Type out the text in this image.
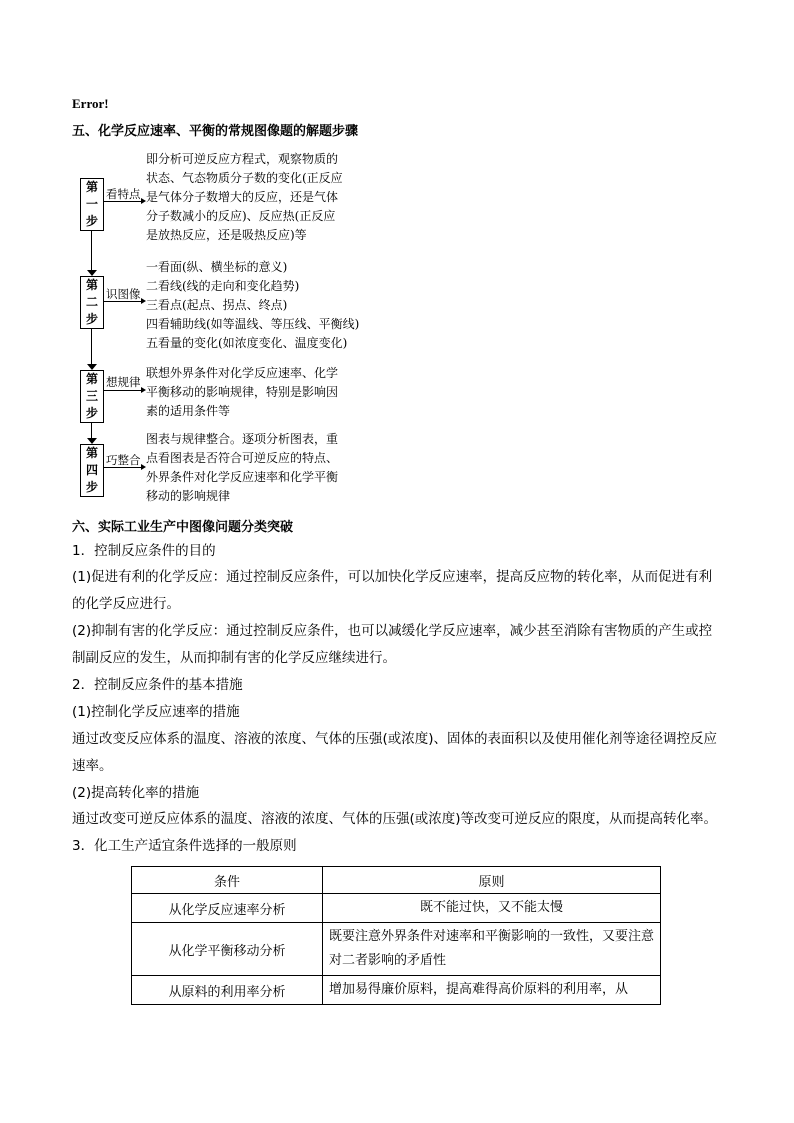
Error!
五、化学反应速率、平衡的常规图像题的解题步骤
第一步
看特点
即分析可逆反应方程式，观察物质的
状态、气态物质分子数的变化(正反应
是气体分子数增大的反应，还是气体
分子数减小的反应)、反应热(正反应
是放热反应，还是吸热反应)等
第二步
识图像
一看面(纵、横坐标的意义)
二看线(线的走向和变化趋势)
三看点(起点、拐点、终点)
四看辅助线(如等温线、等压线、平衡线)
五看量的变化(如浓度变化、温度变化)
第三步
想规律
联想外界条件对化学反应速率、化学
平衡移动的影响规律，特别是影响因
素的适用条件等
第四步
巧整合
图表与规律整合。逐项分析图表，重
点看图表是否符合可逆反应的特点、
外界条件对化学反应速率和化学平衡
移动的影响规律
六、实际工业生产中图像问题分类突破
1．控制反应条件的目的
(1)促进有利的化学反应：通过控制反应条件，可以加快化学反应速率，提高反应物的转化率，从而促进有利的化学反应进行。
(2)抑制有害的化学反应：通过控制反应条件，也可以减缓化学反应速率，减少甚至消除有害物质的产生或控制副反应的发生，从而抑制有害的化学反应继续进行。
2．控制反应条件的基本措施
(1)控制化学反应速率的措施
通过改变反应体系的温度、溶液的浓度、气体的压强(或浓度)、固体的表面积以及使用催化剂等途径调控反应速率。
(2)提高转化率的措施
通过改变可逆反应体系的温度、溶液的浓度、气体的压强(或浓度)等改变可逆反应的限度，从而提高转化率。
3．化工生产适宜条件选择的一般原则
条件	原则
从化学反应速率分析	既不能过快，又不能太慢
从化学平衡移动分析	既要注意外界条件对速率和平衡影响的一致性，又要注意对二者影响的矛盾性
从原料的利用率分析	增加易得廉价原料，提高难得高价原料的利用率，从
